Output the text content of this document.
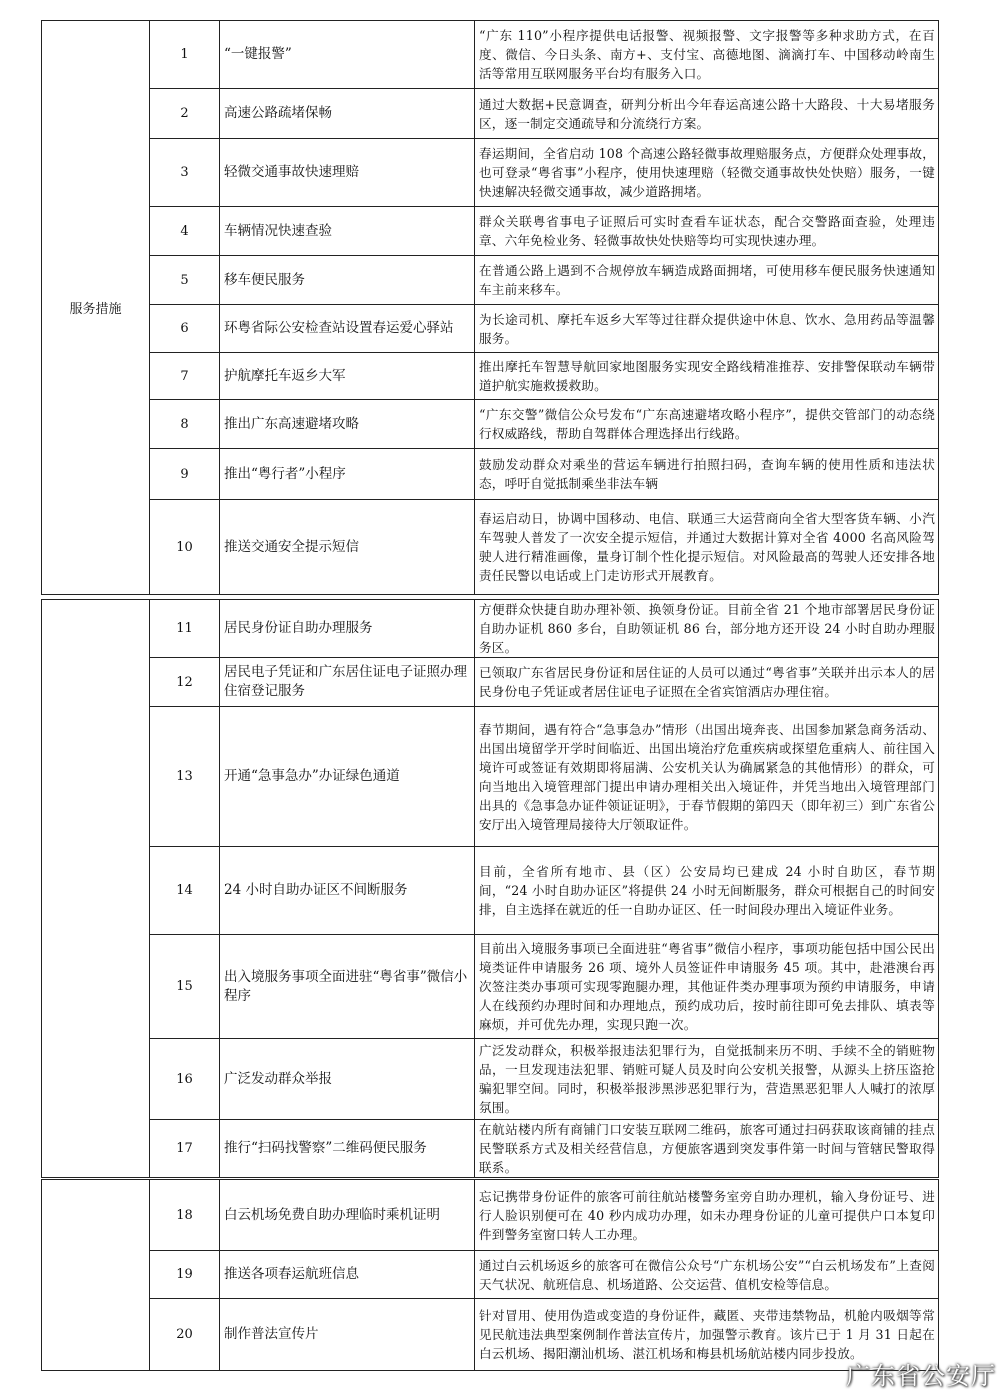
服务措施	1	“一键报警”	“广东 110”小程序提供电话报警、视频报警、文字报警等多种求助方式，在百度、微信、今日头条、南方+、支付宝、高德地图、滴滴打车、中国移动岭南生活等常用互联网服务平台均有服务入口。
	2	高速公路疏堵保畅	通过大数据+民意调查，研判分析出今年春运高速公路十大路段、十大易堵服务区，逐一制定交通疏导和分流绕行方案。
	3	轻微交通事故快速理赔	春运期间，全省启动 108 个高速公路轻微事故理赔服务点，方便群众处理事故，也可登录“粤省事”小程序，使用快速理赔（轻微交通事故快处快赔）服务，一键快速解决轻微交通事故，减少道路拥堵。
	4	车辆情况快速查验	群众关联粤省事电子证照后可实时查看车证状态，配合交警路面查验，处理违章、六年免检业务、轻微事故快处快赔等均可实现快速办理。
	5	移车便民服务	在普通公路上遇到不合规停放车辆造成路面拥堵，可使用移车便民服务快速通知车主前来移车。
	6	环粤省际公安检查站设置春运爱心驿站	为长途司机、摩托车返乡大军等过往群众提供途中休息、饮水、急用药品等温馨服务。
	7	护航摩托车返乡大军	推出摩托车智慧导航回家地图服务实现安全路线精准推荐、安排警保联动车辆带道护航实施救援救助。
	8	推出广东高速避堵攻略	“广东交警”微信公众号发布“广东高速避堵攻略小程序”，提供交管部门的动态绕行权威路线，帮助自驾群体合理选择出行线路。
	9	推出“粤行者”小程序	鼓励发动群众对乘坐的营运车辆进行拍照扫码，查询车辆的使用性质和违法状态，呼吁自觉抵制乘坐非法车辆
	10	推送交通安全提示短信	春运启动日，协调中国移动、电信、联通三大运营商向全省大型客货车辆、小汽车驾驶人普发了一次安全提示短信，并通过大数据计算对全省 4000 名高风险驾驶人进行精准画像，量身订制个性化提示短信。对风险最高的驾驶人还安排各地责任民警以电话或上门走访形式开展教育。
	11	居民身份证自助办理服务	方便群众快捷自助办理补领、换领身份证。目前全省 21 个地市部署居民身份证自助办证机 860 多台，自助领证机 86 台，部分地方还开设 24 小时自助办理服务区。
	12	居民电子凭证和广东居住证电子证照办理住宿登记服务	已领取广东省居民身份证和居住证的人员可以通过“粤省事”关联并出示本人的居民身份电子凭证或者居住证电子证照在全省宾馆酒店办理住宿。
	13	开通“急事急办”办证绿色通道	春节期间，遇有符合“急事急办”情形（出国出境奔丧、出国参加紧急商务活动、出国出境留学开学时间临近、出国出境治疗危重疾病或探望危重病人、前往国入境许可或签证有效期即将届满、公安机关认为确属紧急的其他情形）的群众，可向当地出入境管理部门提出申请办理相关出入境证件，并凭当地出入境管理部门出具的《急事急办证件领证证明》，于春节假期的第四天（即年初三）到广东省公安厅出入境管理局接待大厅领取证件。
	14	24 小时自助办证区不间断服务	目前，全省所有地市、县（区）公安局均已建成 24 小时自助区，春节期间，“24 小时自助办证区”将提供 24 小时无间断服务，群众可根据自己的时间安排，自主选择在就近的任一自助办证区、任一时间段办理出入境证件业务。
	15	出入境服务事项全面进驻“粤省事”微信小程序	目前出入境服务事项已全面进驻“粤省事”微信小程序，事项功能包括中国公民出境类证件申请服务 26 项、境外人员签证件申请服务 45 项。其中，赴港澳台再次签注类办事项可实现零跑腿办理，其他证件类办理事项为预约申请服务，申请人在线预约办理时间和办理地点，预约成功后，按时前往即可免去排队、填表等麻烦，并可优先办理，实现只跑一次。
	16	广泛发动群众举报	广泛发动群众，积极举报违法犯罪行为，自觉抵制来历不明、手续不全的销赃物品，一旦发现违法犯罪、销赃可疑人员及时向公安机关报警，从源头上挤压盗抢骗犯罪空间。同时，积极举报涉黑涉恶犯罪行为，营造黑恶犯罪人人喊打的浓厚氛围。
	17	推行“扫码找警察”二维码便民服务	在航站楼内所有商铺门口安装互联网二维码，旅客可通过扫码获取该商铺的挂点民警联系方式及相关经营信息，方便旅客遇到突发事件第一时间与管辖民警取得联系。
	18	白云机场免费自助办理临时乘机证明	忘记携带身份证件的旅客可前往航站楼警务室旁自助办理机，输入身份证号、进行人脸识别便可在 40 秒内成功办理，如未办理身份证的儿童可提供户口本复印件到警务室窗口转人工办理。
	19	推送各项春运航班信息	通过白云机场返乡的旅客可在微信公众号“广东机场公安”“白云机场发布”上查阅天气状况、航班信息、机场道路、公交运营、值机安检等信息。
	20	制作普法宣传片	针对冒用、使用伪造或变造的身份证件，藏匿、夹带违禁物品，机舱内吸烟等常见民航违法典型案例制作普法宣传片，加强警示教育。该片已于 1 月 31 日起在白云机场、揭阳潮汕机场、湛江机场和梅县机场航站楼内同步投放。
广东省公安厅
